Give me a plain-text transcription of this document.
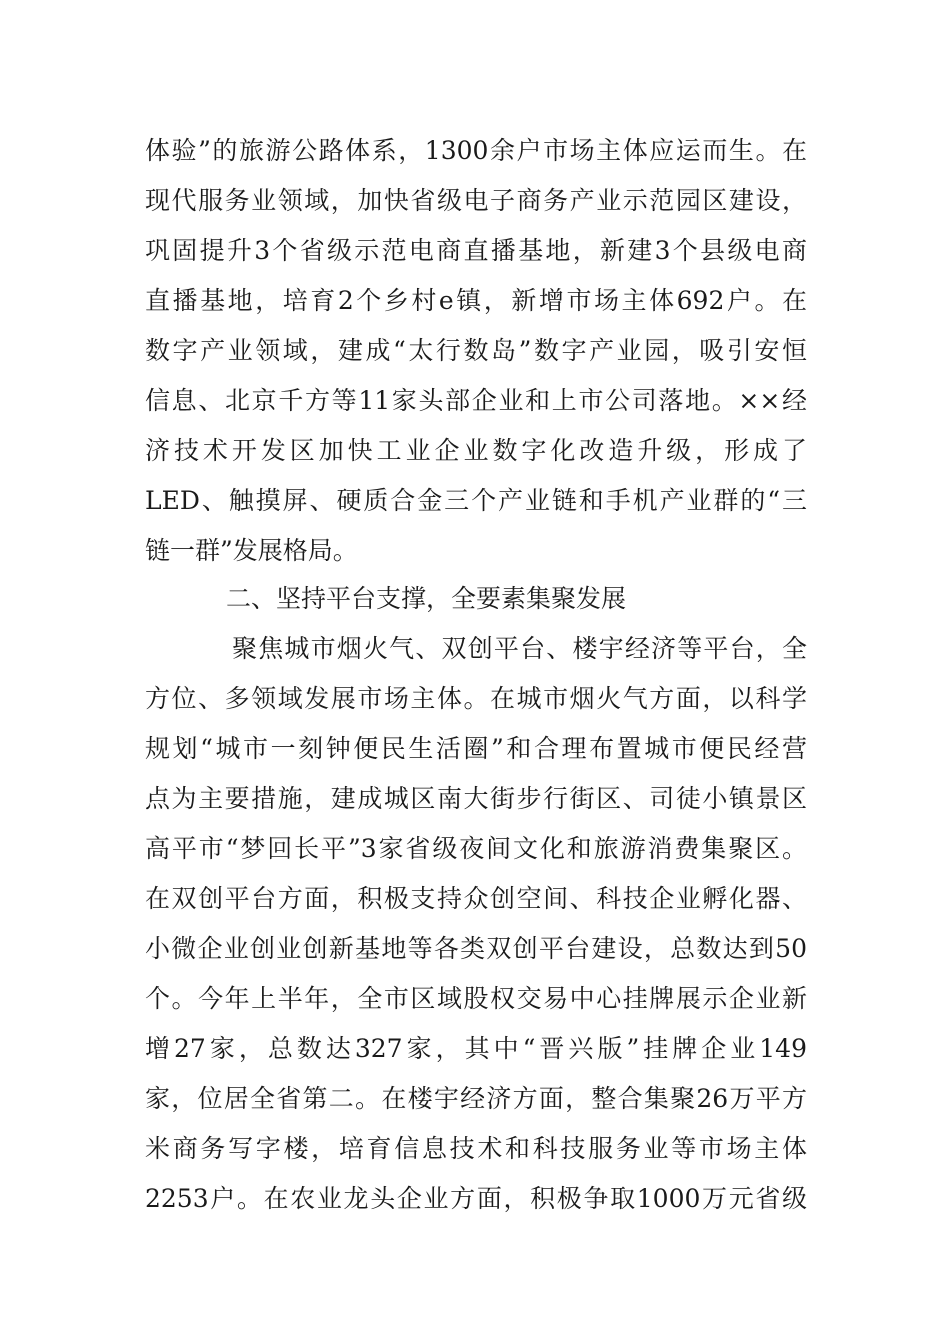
体验”的旅游公路体系，1300余户市场主体应运而生。在
现代服务业领域，加快省级电子商务产业示范园区建设，
巩固提升3个省级示范电商直播基地，新建3个县级电商
直播基地，培育2个乡村e镇，新增市场主体692户。在
数字产业领域，建成“太行数岛”数字产业园，吸引安恒
信息、北京千方等11家头部企业和上市公司落地。××经
济技术开发区加快工业企业数字化改造升级，形成了
LED、触摸屏、硬质合金三个产业链和手机产业群的“三
链一群”发展格局。
二、坚持平台支撑，全要素集聚发展
聚焦城市烟火气、双创平台、楼宇经济等平台，全
方位、多领域发展市场主体。在城市烟火气方面，以科学
规划“城市一刻钟便民生活圈”和合理布置城市便民经营
点为主要措施，建成城区南大街步行街区、司徒小镇景区
高平市“梦回长平”3家省级夜间文化和旅游消费集聚区。
在双创平台方面，积极支持众创空间、科技企业孵化器、
小微企业创业创新基地等各类双创平台建设，总数达到50
个。今年上半年，全市区域股权交易中心挂牌展示企业新
增27家，总数达327家，其中“晋兴版”挂牌企业149
家，位居全省第二。在楼宇经济方面，整合集聚26万平方
米商务写字楼，培育信息技术和科技服务业等市场主体
2253户。在农业龙头企业方面，积极争取1000万元省级
